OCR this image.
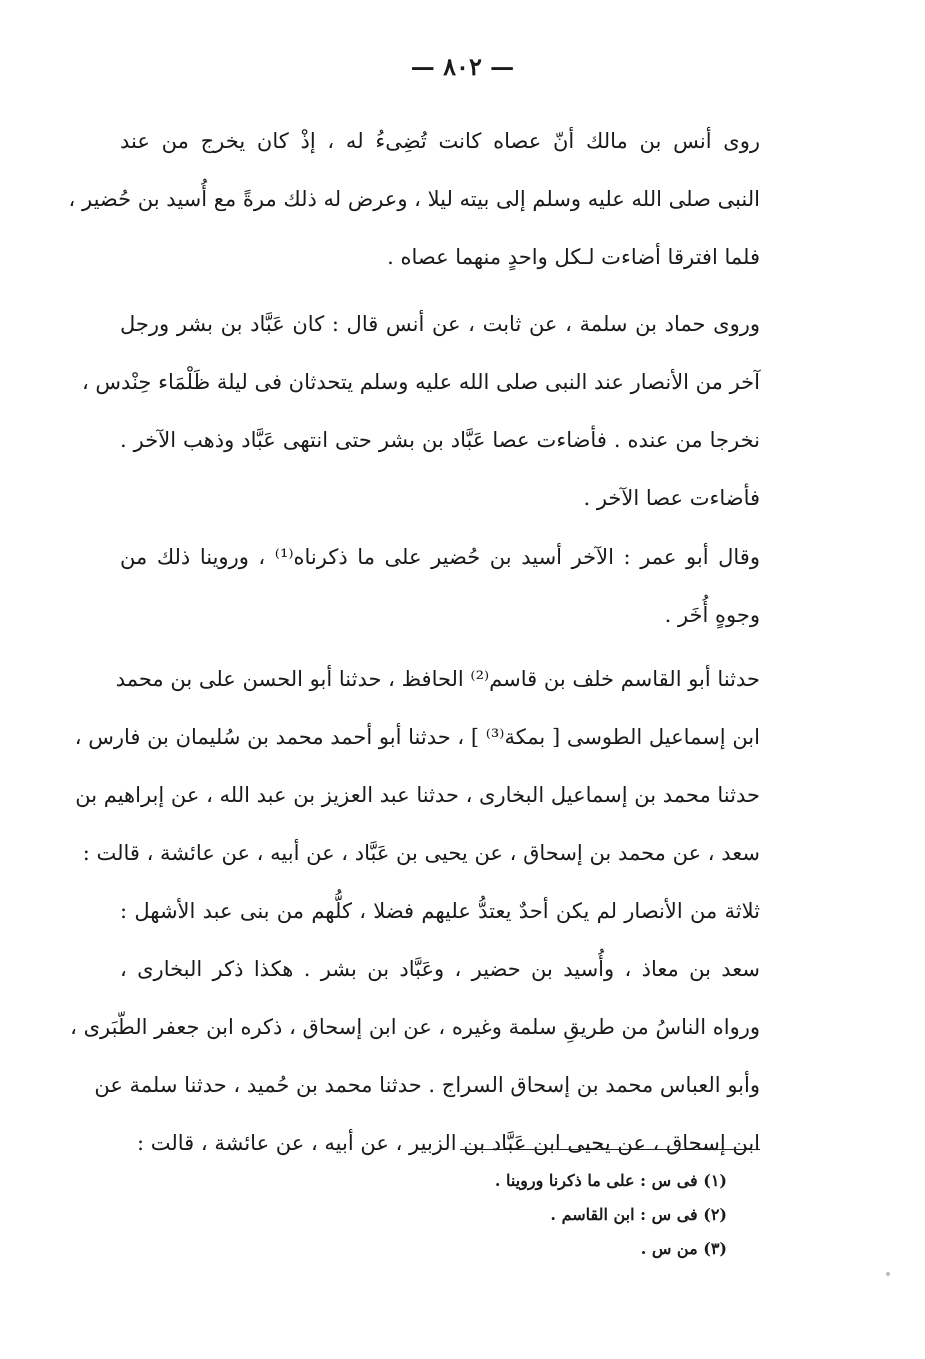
— ٨٠٢ —
روى أنس بن مالك أنّ عصاه كانت تُضِىءُ له ، إذْ كان يخرج من عند
النبى صلى الله عليه وسلم إلى بيته ليلا ، وعرض له ذلك مرةً مع أُسيد بن حُضير ،
فلما افترقا أضاءت لـكل واحدٍ منهما عصاه .
وروى حماد بن سلمة ، عن ثابت ، عن أنس قال : كان عَبَّاد بن بشر ورجل
آخر من الأنصار عند النبى صلى الله عليه وسلم يتحدثان فى ليلة ظَلْمَاء حِنْدس ،
نخرجا من عنده . فأضاءت عصا عَبَّاد بن بشر حتى انتهى عَبَّاد وذهب الآخر .
فأضاءت عصا الآخر .
وقال أبو عمر : الآخر أسيد بن حُضير على ما ذكرناه⁽¹⁾ ، وروينا ذلك من
وجوهٍ أُخَر .
حدثنا أبو القاسم خلف بن قاسم⁽²⁾ الحافظ ، حدثنا أبو الحسن على بن محمد
ابن إسماعيل الطوسى [ بمكة⁽³⁾ ] ، حدثنا أبو أحمد محمد بن سُليمان بن فارس ،
حدثنا محمد بن إسماعيل البخارى ، حدثنا عبد العزيز بن عبد الله ، عن إبراهيم بن
سعد ، عن محمد بن إسحاق ، عن يحيى بن عَبَّاد ، عن أبيه ، عن عائشة ، قالت :
ثلاثة من الأنصار لم يكن أحدٌ يعتدُّ عليهم فضلا ، كلُّهم من بنى عبد الأشهل :
سعد بن معاذ ، وأُسيد بن حضير ، وعَبَّاد بن بشر . هكذا ذكر البخارى ،
ورواه الناسُ من طريقِ سلمة وغيره ، عن ابن إسحاق ، ذكره ابن جعفر الطّبَرى ،
وأبو العباس محمد بن إسحاق السراج . حدثنا محمد بن حُميد ، حدثنا سلمة عن
ابن إسحاق ، عن يحيى ابن عَبَّاد بن الزبير ، عن أبيه ، عن عائشة ، قالت :
(١) فى س : على ما ذكرنا وروينا .
(٢) فى س : ابن القاسم .
(٣) من س .
